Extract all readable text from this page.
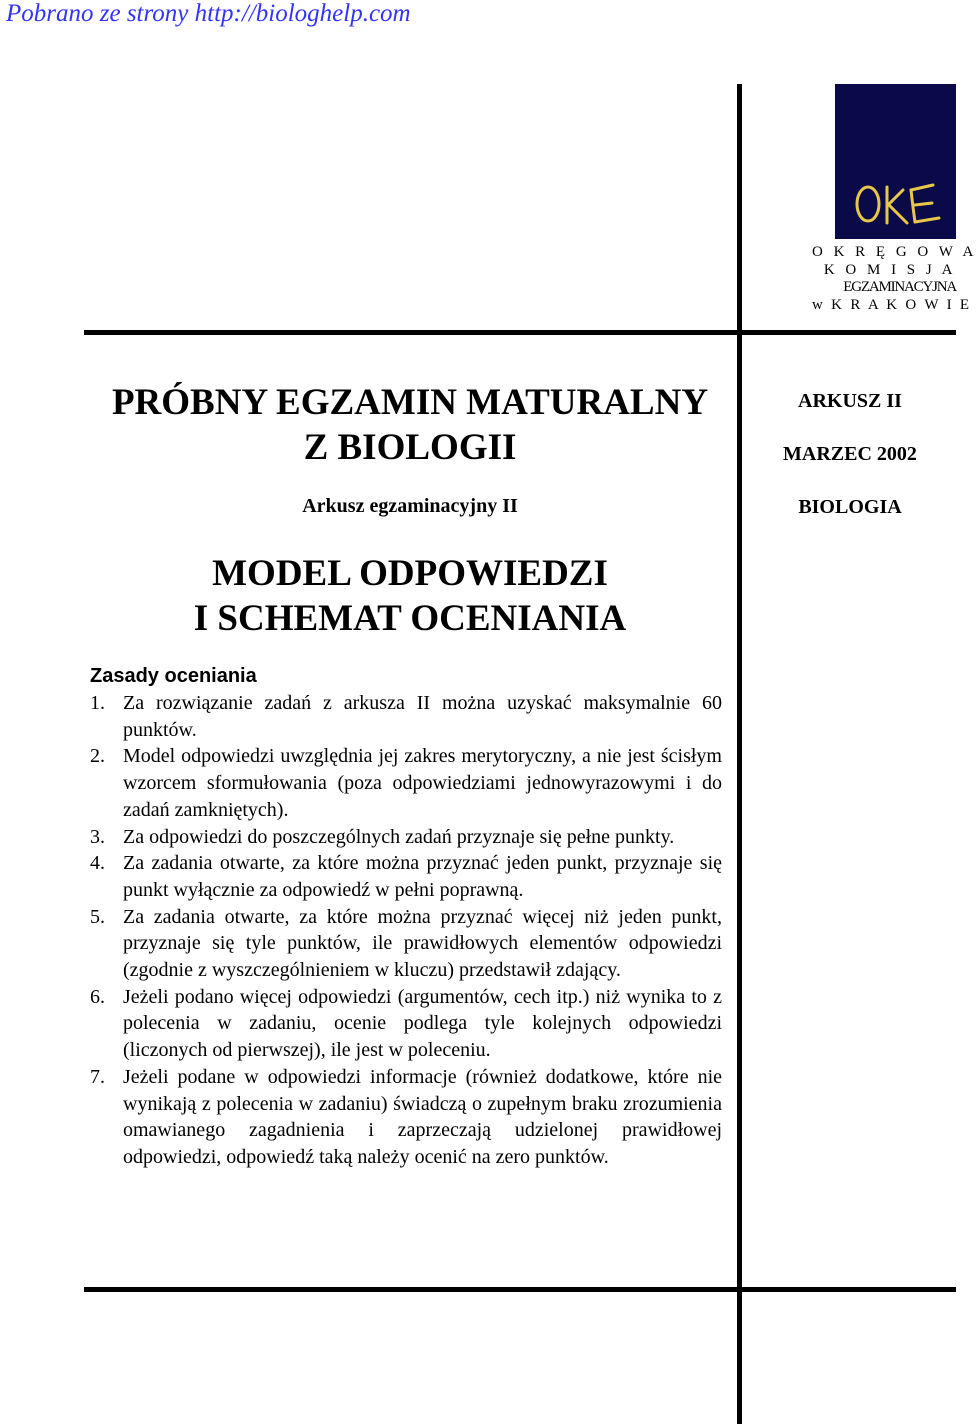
Pobrano ze strony http://biologhelp.com
O K R Ę G O W A
K O M I S J A
EGZAMINACYJNA
w K R A K O W I E
PRÓBNY EGZAMIN MATURALNY
Z BIOLOGII
Arkusz egzaminacyjny II
MODEL ODPOWIEDZI
I SCHEMAT OCENIANIA
ARKUSZ II
MARZEC 2002
BIOLOGIA
Zasady oceniania
1. Za rozwiązanie zadań z arkusza II można uzyskać maksymalnie 60 punktów.
2. Model odpowiedzi uwzględnia jej zakres merytoryczny, a nie jest ścisłym wzorcem sformułowania (poza odpowiedziami jednowyrazowymi i do zadań zamkniętych).
3. Za odpowiedzi do poszczególnych zadań przyznaje się pełne punkty.
4. Za zadania otwarte, za które można przyznać jeden punkt, przyznaje się punkt wyłącznie za odpowiedź w pełni poprawną.
5. Za zadania otwarte, za które można przyznać więcej niż jeden punkt, przyznaje się tyle punktów, ile prawidłowych elementów odpowiedzi (zgodnie z wyszczególnieniem w kluczu) przedstawił zdający.
6. Jeżeli podano więcej odpowiedzi (argumentów, cech itp.) niż wynika to z polecenia w zadaniu, ocenie podlega tyle kolejnych odpowiedzi (liczonych od pierwszej), ile jest w poleceniu.
7. Jeżeli podane w odpowiedzi informacje (również dodatkowe, które nie wynikają z polecenia w zadaniu) świadczą o zupełnym braku zrozumienia omawianego zagadnienia i zaprzeczają udzielonej prawidłowej odpowiedzi, odpowiedź taką należy ocenić na zero punktów.
